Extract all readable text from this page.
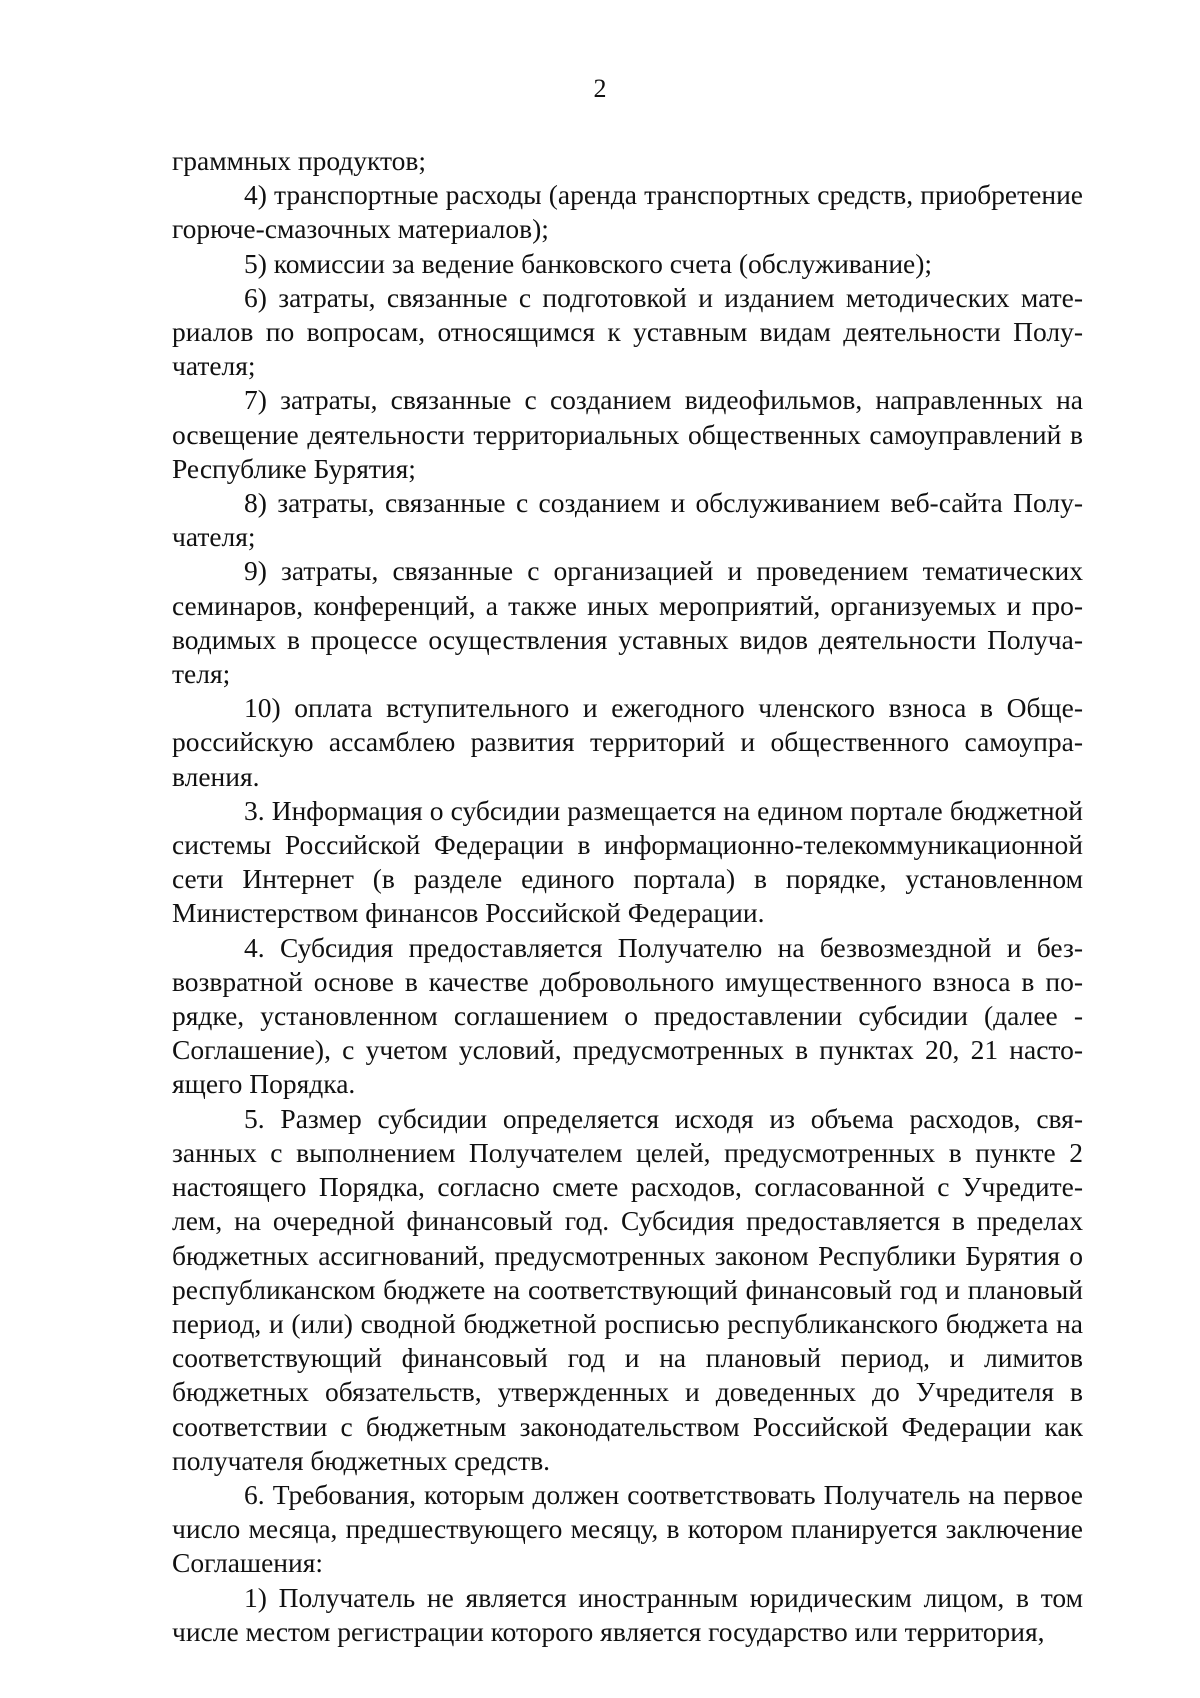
2

граммных продуктов;

4) транспортные расходы (аренда транспортных средств, приобретение горюче-смазочных материалов);

5) комиссии за ведение банковского счета (обслуживание);

6) затраты, связанные с подготовкой и изданием методических материалов по вопросам, относящимся к уставным видам деятельности Получателя;

7) затраты, связанные с созданием видеофильмов, направленных на освещение деятельности территориальных общественных самоуправлений в Республике Бурятия;

8) затраты, связанные с созданием и обслуживанием веб-сайта Получателя;

9) затраты, связанные с организацией и проведением тематических семинаров, конференций, а также иных мероприятий, организуемых и проводимых в процессе осуществления уставных видов деятельности Получателя;

10) оплата вступительного и ежегодного членского взноса в Общероссийскую ассамблею развития территорий и общественного самоуправления.

3. Информация о субсидии размещается на едином портале бюджетной системы Российской Федерации в информационно-телекоммуникационной сети Интернет (в разделе единого портала) в порядке, установленном Министерством финансов Российской Федерации.

4. Субсидия предоставляется Получателю на безвозмездной и безвозвратной основе в качестве добровольного имущественного взноса в порядке, установленном соглашением о предоставлении субсидии (далее - Соглашение), с учетом условий, предусмотренных в пунктах 20, 21 настоящего Порядка.

5. Размер субсидии определяется исходя из объема расходов, связанных с выполнением Получателем целей, предусмотренных в пункте 2 настоящего Порядка, согласно смете расходов, согласованной с Учредителем, на очередной финансовый год. Субсидия предоставляется в пределах бюджетных ассигнований, предусмотренных законом Республики Бурятия о республиканском бюджете на соответствующий финансовый год и плановый период, и (или) сводной бюджетной росписью республиканского бюджета на соответствующий финансовый год и на плановый период, и лимитов бюджетных обязательств, утвержденных и доведенных до Учредителя в соответствии с бюджетным законодательством Российской Федерации как получателя бюджетных средств.

6. Требования, которым должен соответствовать Получатель на первое число месяца, предшествующего месяцу, в котором планируется заключение Соглашения:

1) Получатель не является иностранным юридическим лицом, в том числе местом регистрации которого является государство или территория,
